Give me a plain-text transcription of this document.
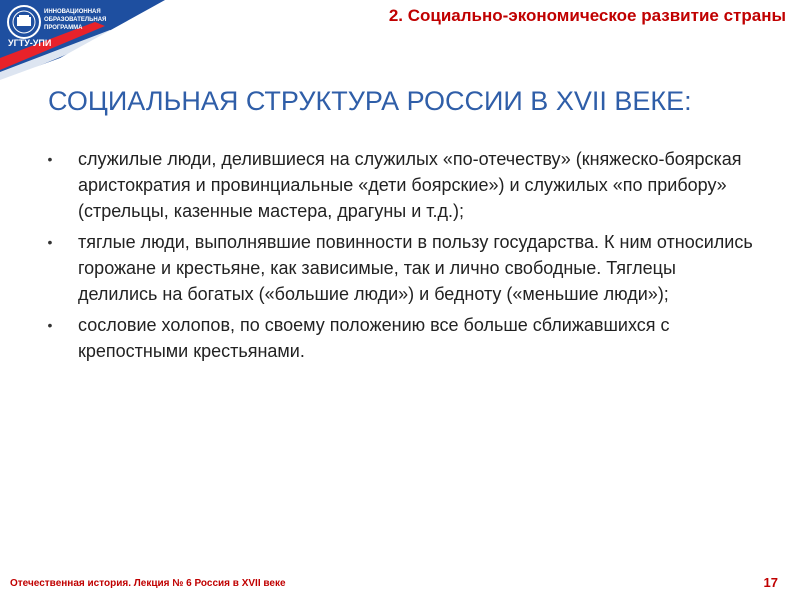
ИННОВАЦИОННАЯ
ОБРАЗОВАТЕЛЬНАЯ
ПРОГРАММА
УГТУ-УПИ
2. Социально-экономическое развитие страны
СОЦИАЛЬНАЯ СТРУКТУРА РОССИИ В XVII ВЕКЕ:
•	служилые люди, делившиеся на служилых «по-отечеству» (княжеско-боярская аристократия и провинциальные «дети боярские») и служилых «по прибору» (стрельцы, казенные мастера, драгуны и т.д.);
•	тяглые люди, выполнявшие повинности в пользу государства. К ним относились горожане и крестьяне, как зависимые, так и лично свободные. Тяглецы делились на богатых («большие люди») и бедноту («меньшие люди»);
•	сословие холопов, по своему положению все больше сближавшихся с крепостными крестьянами.
Отечественная история. Лекция № 6 Россия в XVII веке	17
